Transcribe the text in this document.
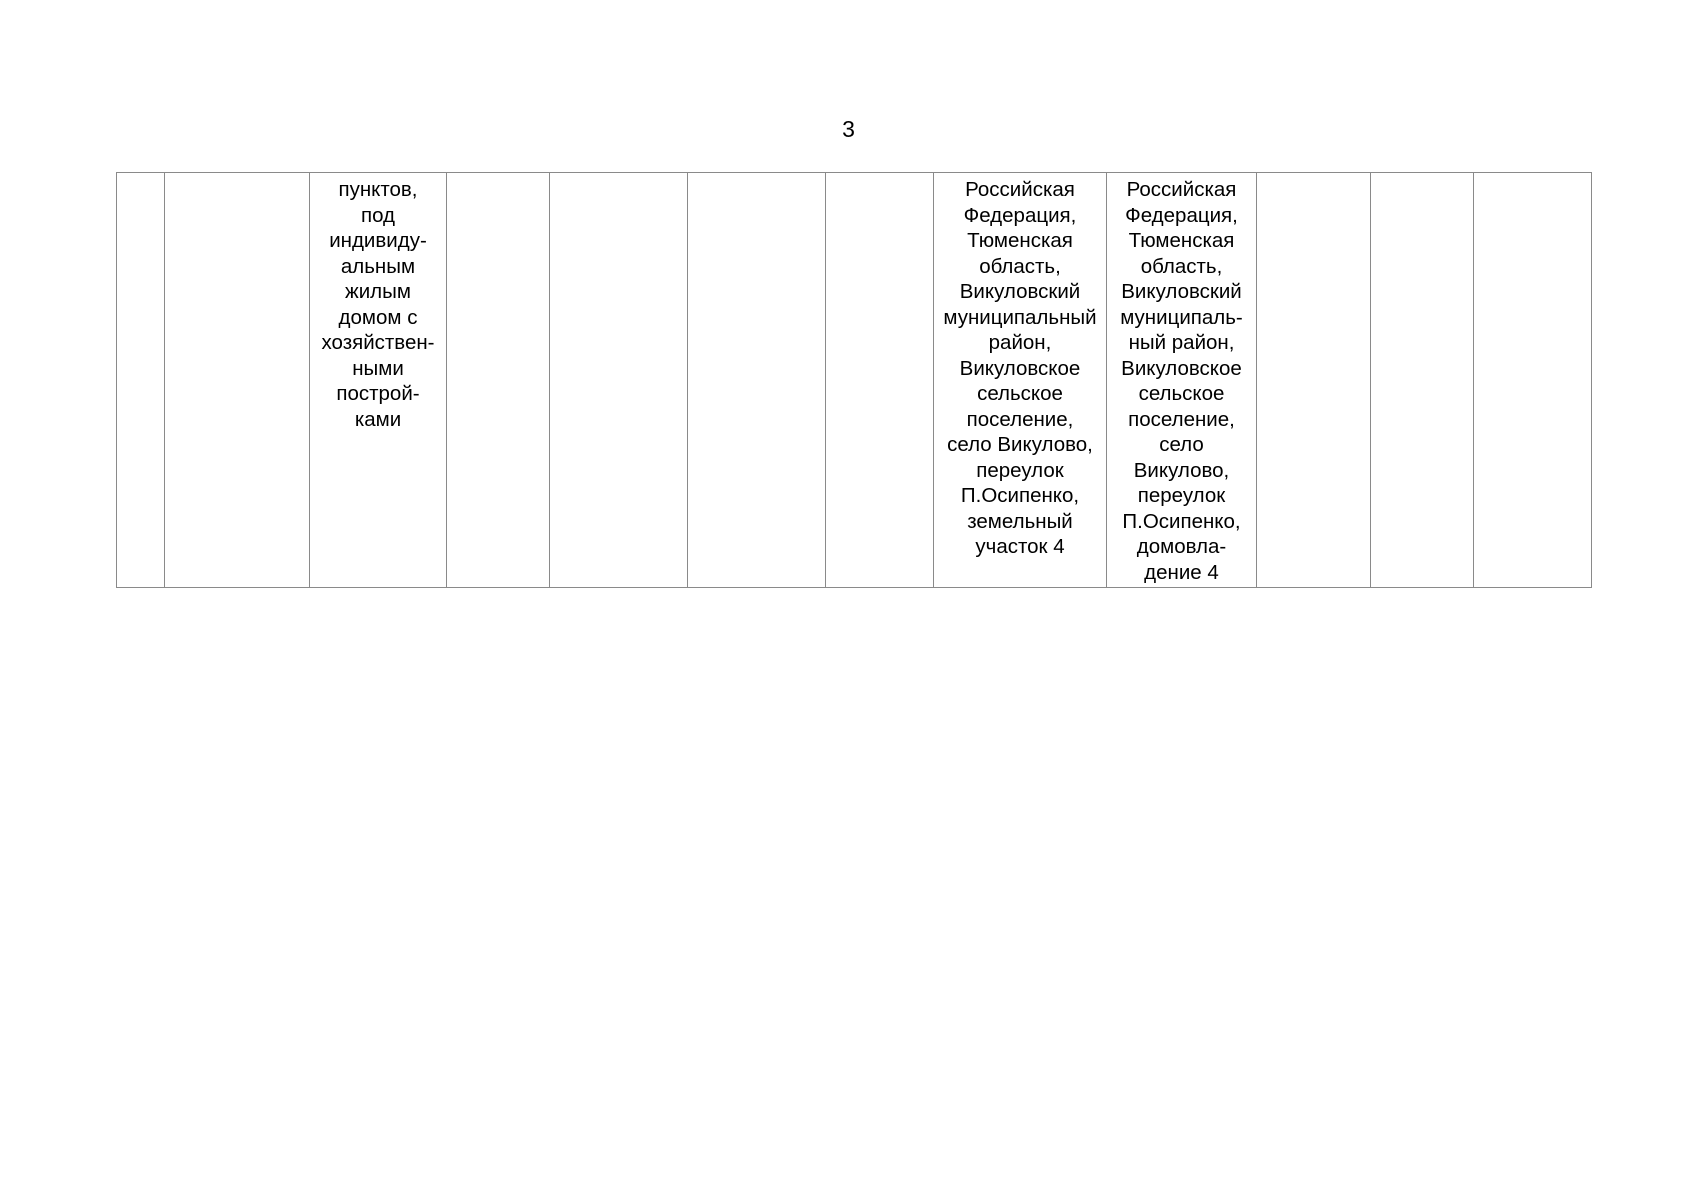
3
		пунктов,
под
индивиду-
альным
жилым
домом с
хозяйствен-
ными
построй-
ками					Российская
Федерация,
Тюменская
область,
Викуловский
муниципальный
район,
Викуловское
сельское
поселение,
село Викулово,
переулок
П.Осипенко,
земельный
участок 4	Российская
Федерация,
Тюменская
область,
Викуловский
муниципаль-
ный район,
Викуловское
сельское
поселение,
село
Викулово,
переулок
П.Осипенко,
домовла-
дение 4			
